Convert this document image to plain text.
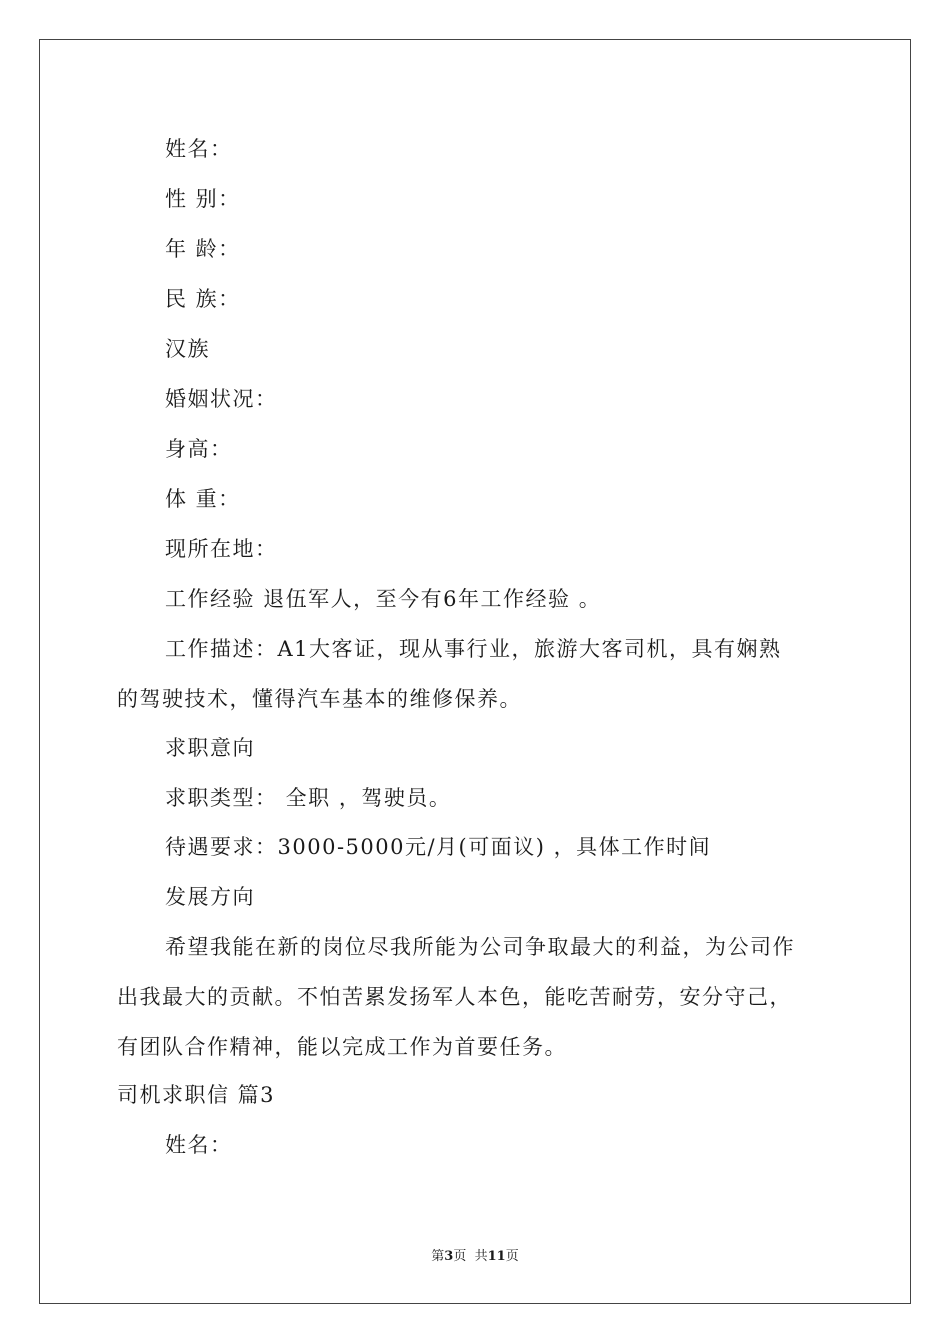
姓名：
性 别：
年 龄：
民 族：
汉族
婚姻状况：
身高：
体 重：
现所在地：
工作经验 退伍军人，至今有6年工作经验 。
工作描述：A1大客证，现从事行业，旅游大客司机，具有娴熟
的驾驶技术，懂得汽车基本的维修保养。
求职意向
求职类型： 全职 ，驾驶员。
待遇要求：3000-5000元/月(可面议) ，具体工作时间
发展方向
希望我能在新的岗位尽我所能为公司争取最大的利益，为公司作
出我最大的贡献。不怕苦累发扬军人本色，能吃苦耐劳，安分守己，
有团队合作精神，能以完成工作为首要任务。
司机求职信 篇3
姓名：
第3页  共11页
